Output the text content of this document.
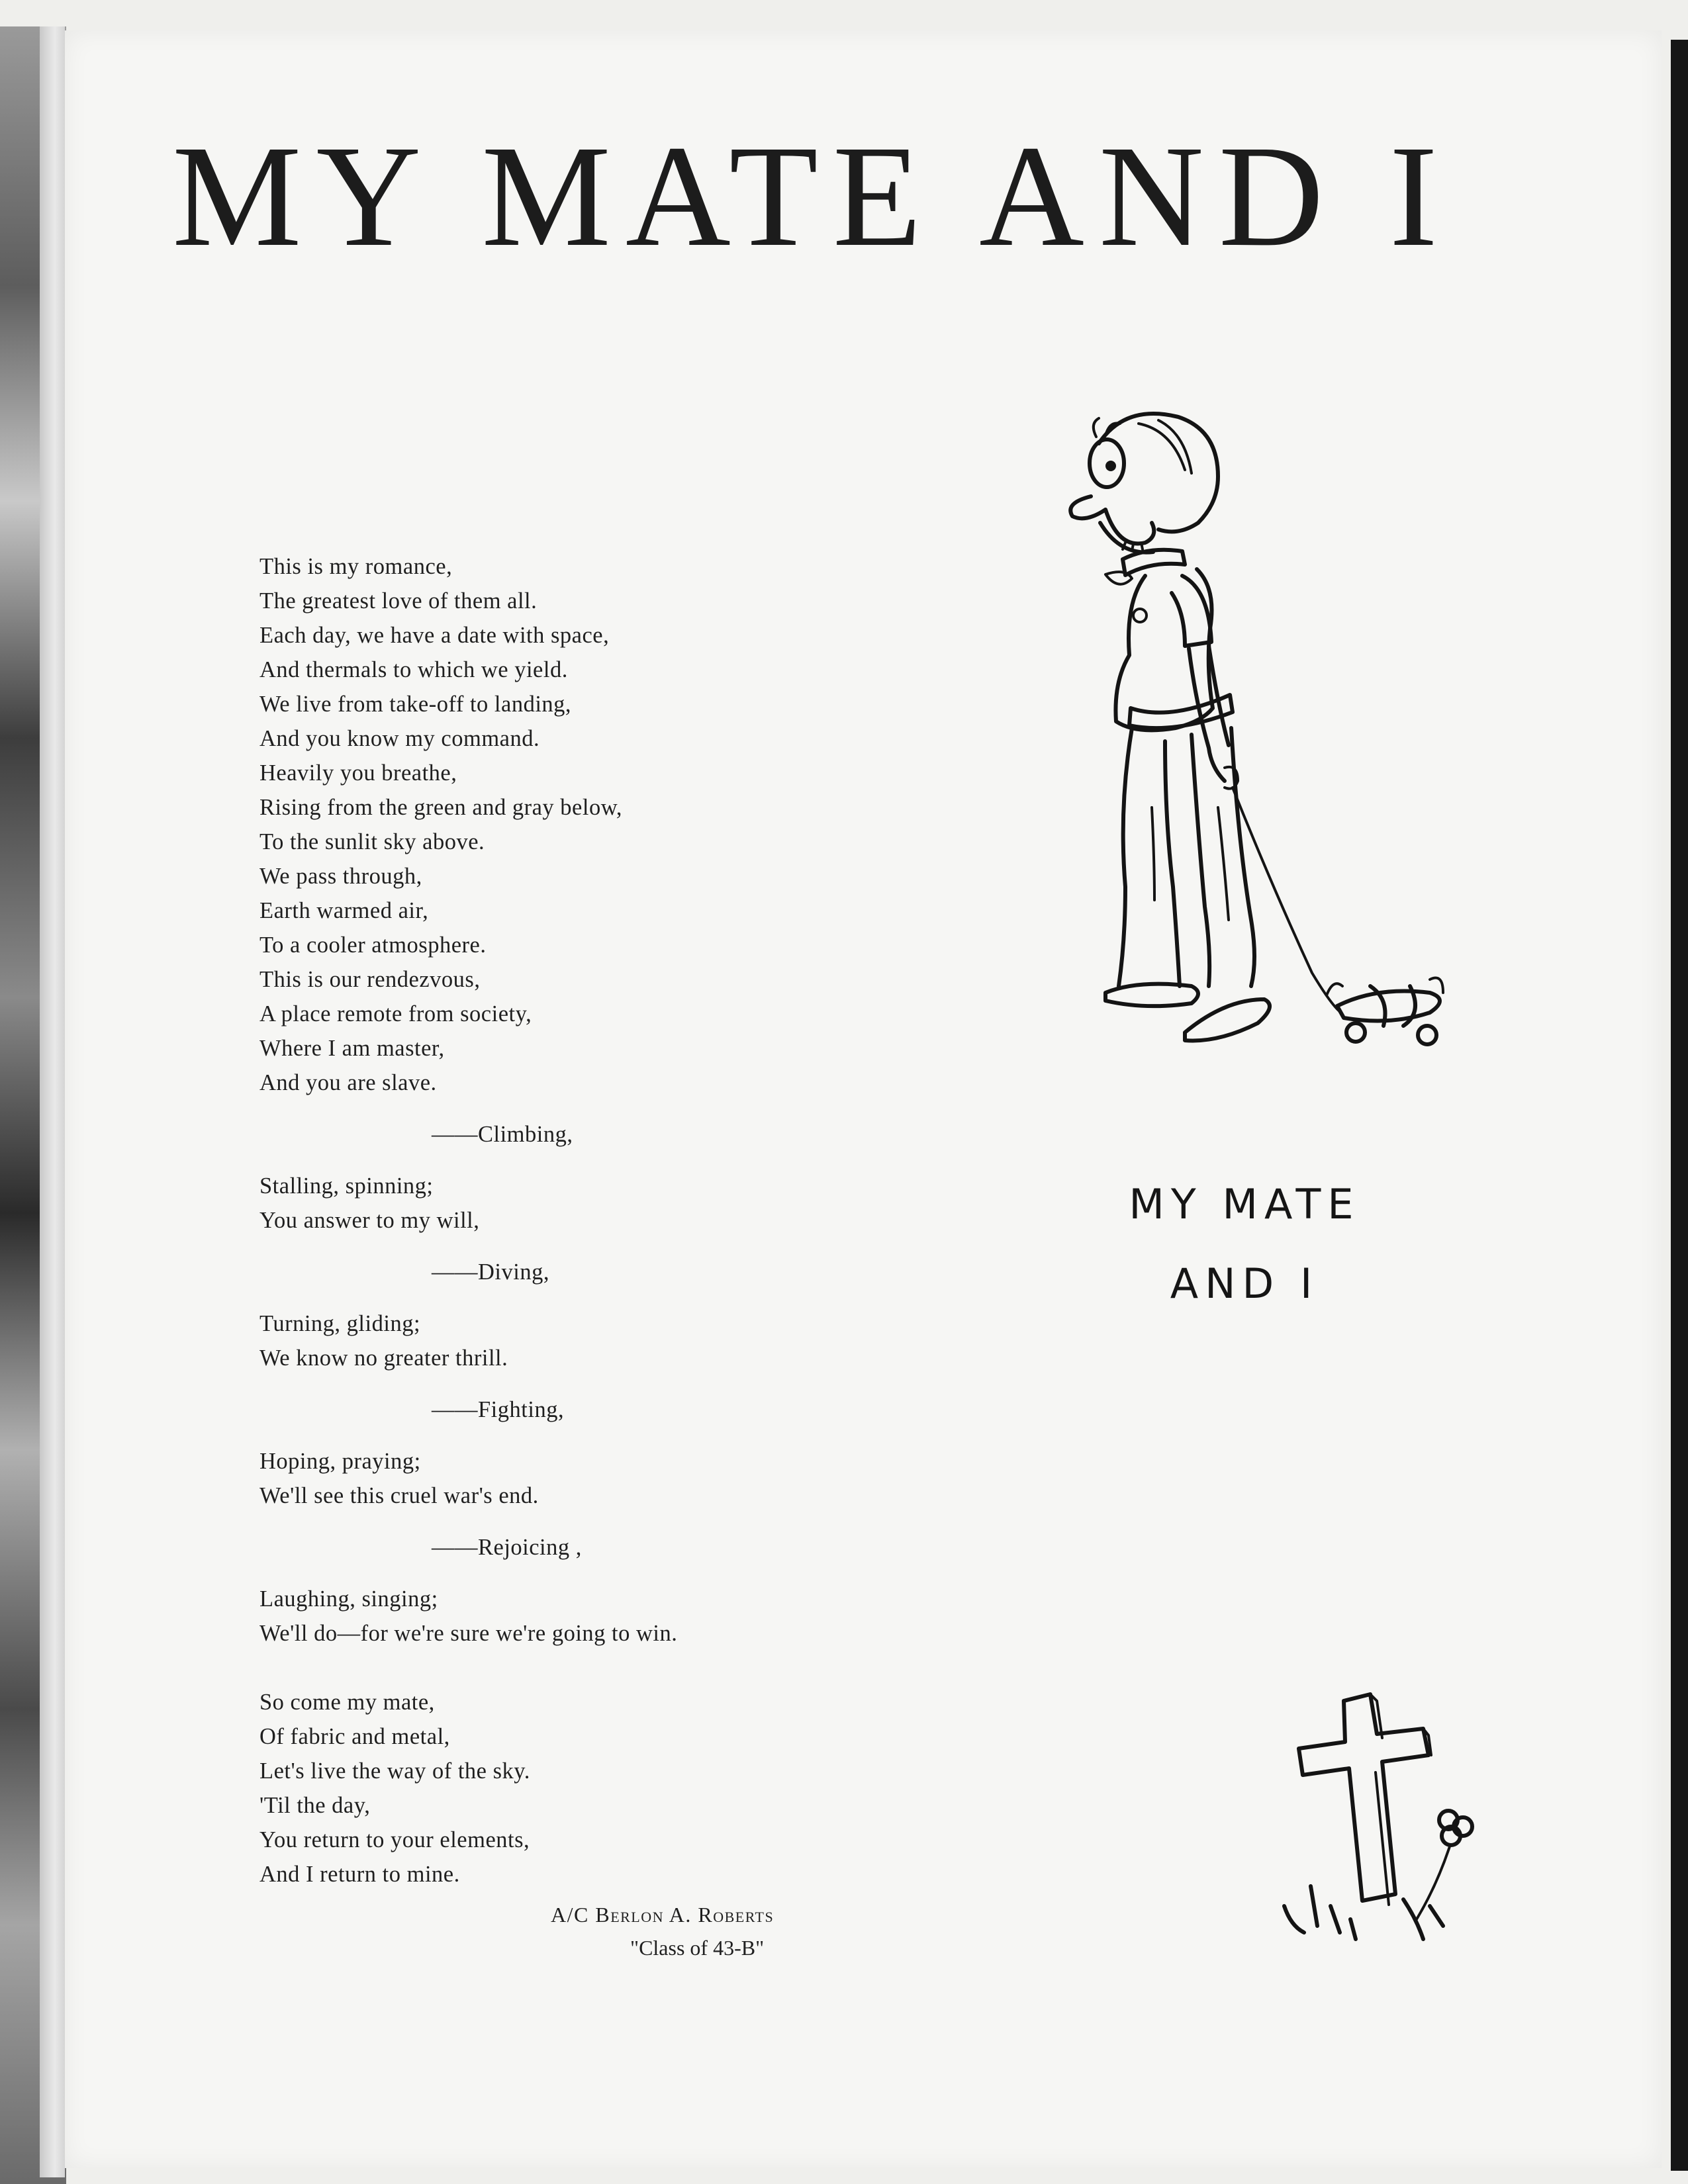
MY MATE AND I
This is my romance,
The greatest love of them all.
Each day, we have a date with space,
And thermals to which we yield.
We live from take-off to landing,
And you know my command.
Heavily you breathe,
Rising from the green and gray below,
To the sunlit sky above.
We pass through,
Earth warmed air,
To a cooler atmosphere.
This is our rendezvous,
A place remote from society,
Where I am master,
And you are slave.
——Climbing,
Stalling, spinning;
You answer to my will,
——Diving,
Turning, gliding;
We know no greater thrill.
——Fighting,
Hoping, praying;
We'll see this cruel war's end.
——Rejoicing ,
Laughing, singing;
We'll do—for we're sure we're going to win.
So come my mate,
Of fabric and metal,
Let's live the way of the sky.
'Til the day,
You return to your elements,
And I return to mine.
A/C Berlon A. Roberts
"Class of 43-B"
MY MATE
AND I
